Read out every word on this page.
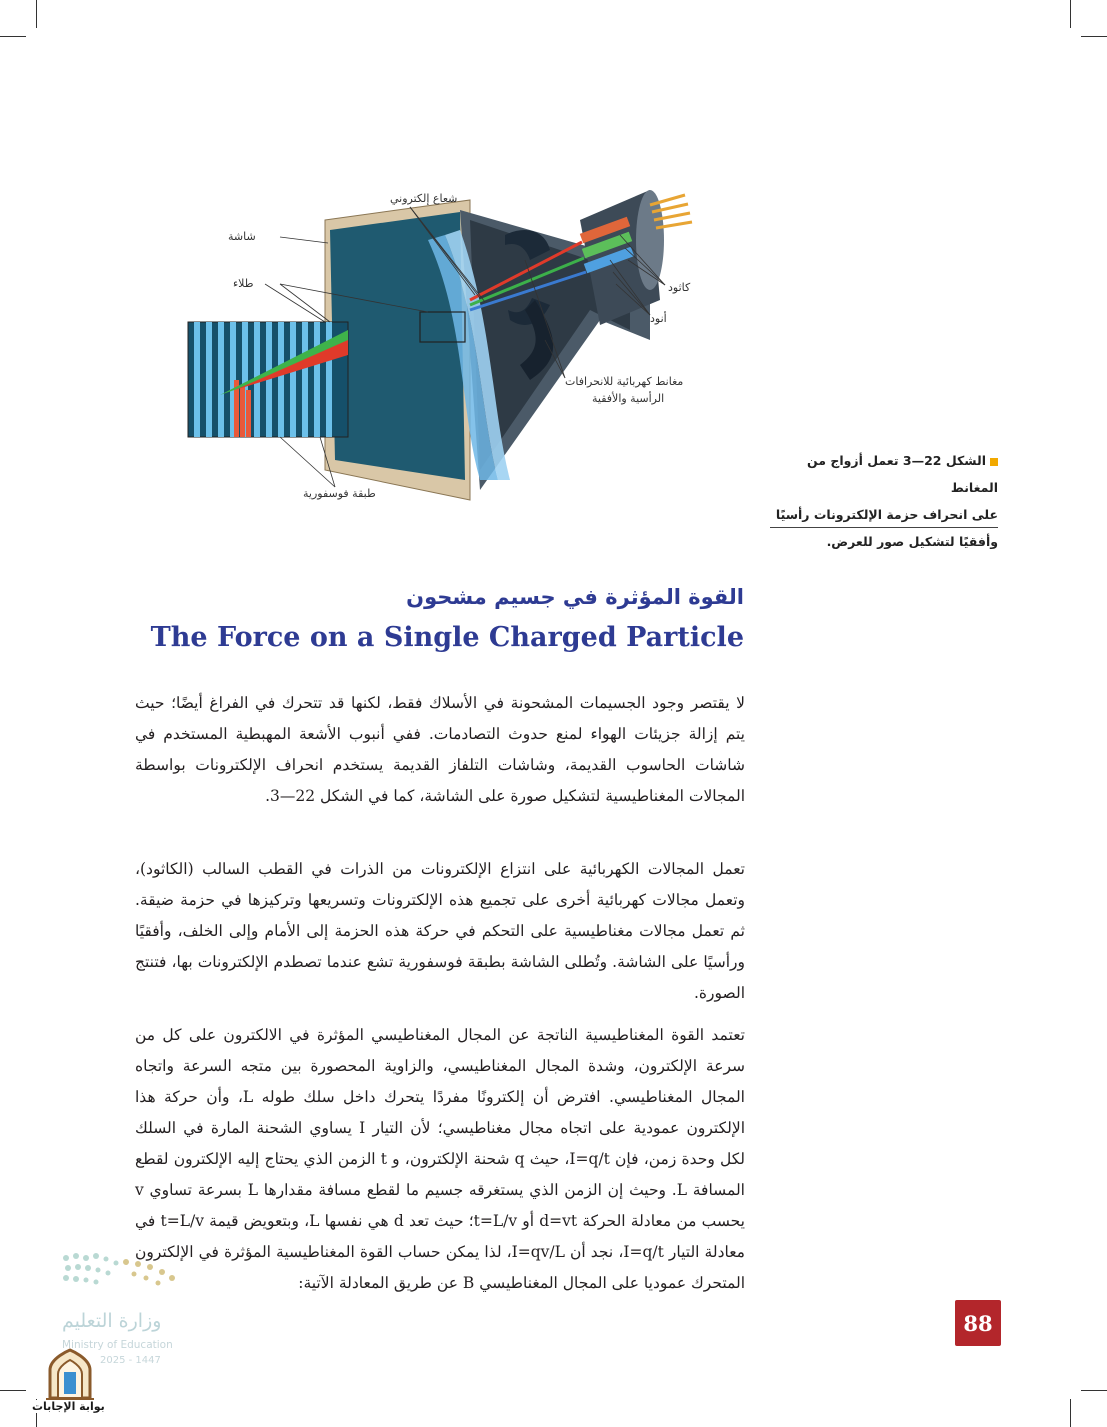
شعاع إلكتروني
شاشة
طلاء	كاثود
أنود
مغانط كهربائية للانحرافات
الرأسية والأفقية
طبقة فوسفورية
الشكل 22—3 تعمل أزواج من المغانط
على انحراف حزمة الإلكترونات رأسيًا
وأفقيًا لتشكيل صور للعرض.
القوة المؤثرة في جسيم مشحون
The Force on a Single Charged Particle

لا يقتصر وجود الجسيمات المشحونة في الأسلاك فقط، لكنها قد تتحرك في الفراغ أيضًا؛ حيث يتم إزالة جزيئات الهواء لمنع حدوث التصادمات. ففي أنبوب الأشعة المهبطية المستخدم في شاشات الحاسوب القديمة، وشاشات التلفاز القديمة يستخدم انحراف الإلكترونات بواسطة المجالات المغناطيسية لتشكيل صورة على الشاشة، كما في الشكل 22—3.

تعمل المجالات الكهربائية على انتزاع الإلكترونات من الذرات في القطب السالب (الكاثود)، وتعمل مجالات كهربائية أخرى على تجميع هذه الإلكترونات وتسريعها وتركيزها في حزمة ضيقة. ثم تعمل مجالات مغناطيسية على التحكم في حركة هذه الحزمة إلى الأمام وإلى الخلف، وأفقيًا ورأسيًا على الشاشة. وتُطلى الشاشة بطبقة فوسفورية تشع عندما تصطدم الإلكترونات بها، فتنتج الصورة.

تعتمد القوة المغناطيسية الناتجة عن المجال المغناطيسي المؤثرة في الالكترون على كل من سرعة الإلكترون، وشدة المجال المغناطيسي، والزاوية المحصورة بين متجه السرعة واتجاه المجال المغناطيسي. افترض أن إلكترونًا مفردًا يتحرك داخل سلك طوله L، وأن حركة هذا الإلكترون عمودية على اتجاه مجال مغناطيسي؛ لأن التيار I يساوي الشحنة المارة في السلك لكل وحدة زمن، فإن I=q/t، حيث q شحنة الإلكترون، و t الزمن الذي يحتاج إليه الإلكترون لقطع المسافة L. وحيث إن الزمن الذي يستغرقه جسيم ما لقطع مسافة مقدارها L بسرعة تساوي v يحسب من معادلة الحركة d=vt أو t=L/v؛ حيث تعد d هي نفسها L، وبتعويض قيمة t=L/v في معادلة التيار I=q/t، نجد أن I=qv/L، لذا يمكن حساب القوة المغناطيسية المؤثرة في الإلكترون المتحرك عموديا على المجال المغناطيسي B عن طريق المعادلة الآتية:

88
وزارة التعليم
Ministry of Education
2025 - 1447
بوابة الإجابات
